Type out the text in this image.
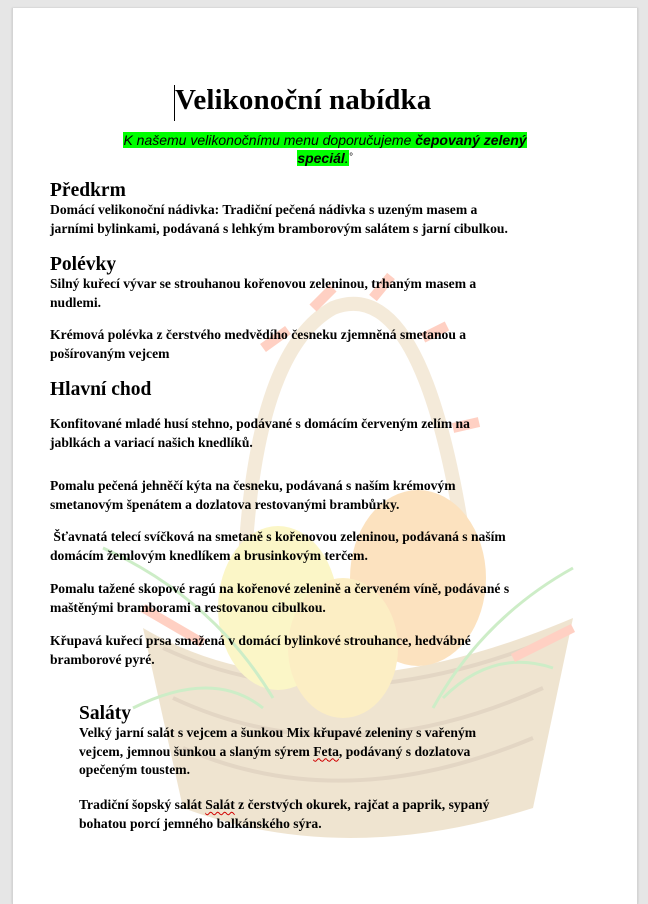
Velikonoční nabídka
K našemu velikonočnímu menu doporučujeme čepovaný zelený
speciál.°
Předkrm
Domácí velikonoční nádivka: Tradiční pečená nádivka s uzeným masem a
jarními bylinkami, podávaná s lehkým bramborovým salátem s jarní cibulkou.
Polévky
Silný kuřecí vývar se strouhanou kořenovou zeleninou, trhaným masem a
nudlemi.
Krémová polévka z čerstvého medvědího česneku zjemněná smetanou a
pošírovaným vejcem
Hlavní chod
Konfitované mladé husí stehno, podávané s domácím červeným zelím na
jablkách a variací našich knedlíků.
Pomalu pečená jehněčí kýta na česneku, podávaná s naším krémovým
smetanovým špenátem a dozlatova restovanými brambůrky.
Šťavnatá telecí svíčková na smetaně s kořenovou zeleninou, podávaná s naším
domácím žemlovým knedlíkem a brusinkovým terčem.
Pomalu tažené skopové ragú na kořenové zelenině a červeném víně, podávané s
maštěnými bramborami a restovanou cibulkou.
Křupavá kuřecí prsa smažená v domácí bylinkové strouhance, hedvábné
bramborové pyré.
Saláty
Velký jarní salát s vejcem a šunkou Mix křupavé zeleniny s vařeným
vejcem, jemnou šunkou a slaným sýrem Feta, podávaný s dozlatova
opečeným toustem.
Tradiční šopský salát Salát z čerstvých okurek, rajčat a paprik, sypaný
bohatou porcí jemného balkánského sýra.
